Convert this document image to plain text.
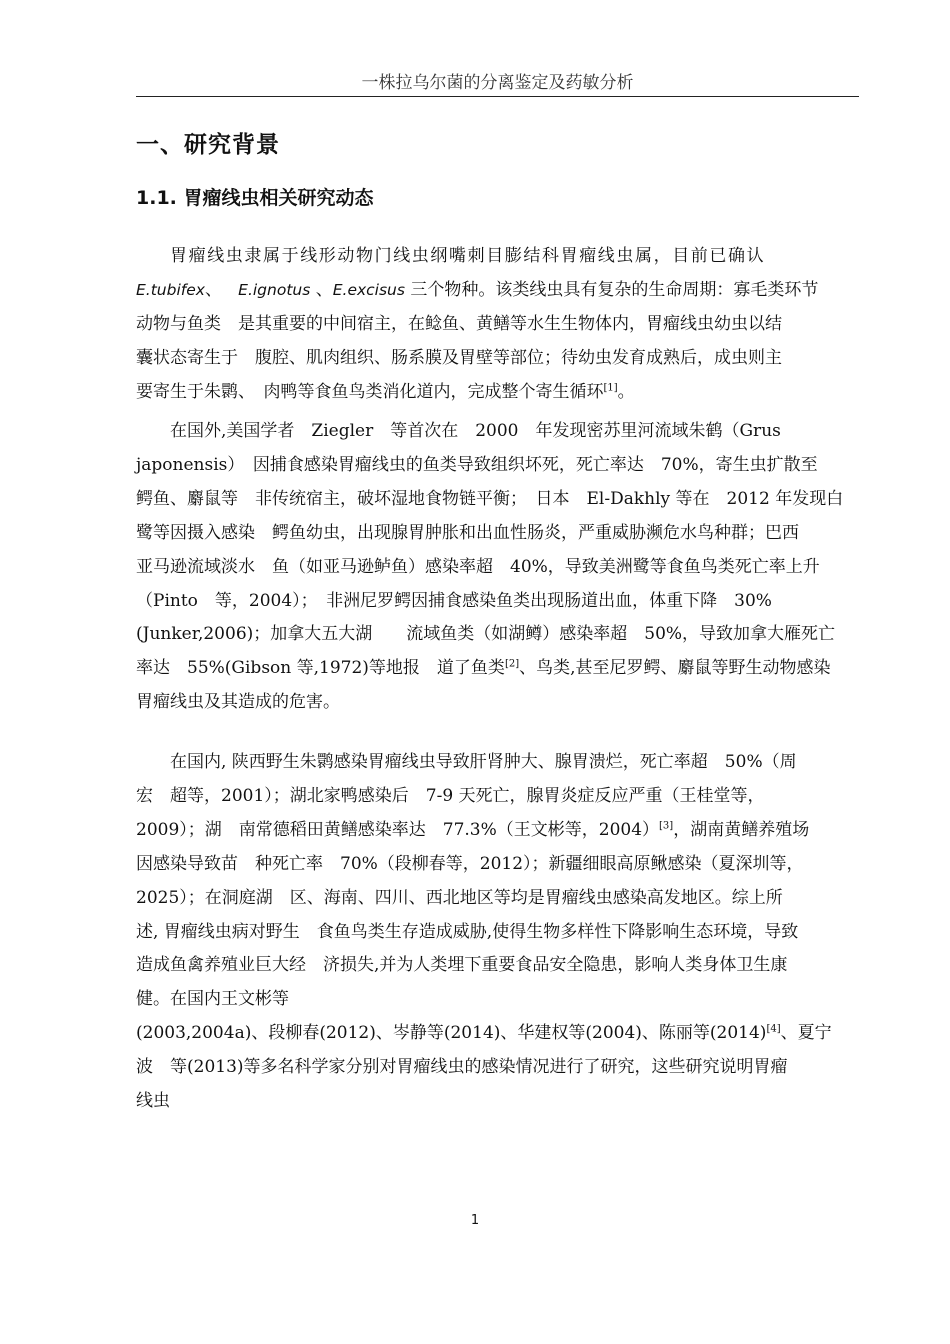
一株拉乌尔菌的分离鉴定及药敏分析
一、研究背景
1.1. 胃瘤线虫相关研究动态
胃瘤线虫隶属于线形动物门线虫纲嘴刺目膨结科胃瘤线虫属，目前已确认
E.tubifex、   E.ignotus 、E.excisus 三个物种。该类线虫具有复杂的生命周期：寡毛类环节
动物与鱼类　是其重要的中间宿主，在鲶鱼、黄鳝等水生生物体内，胃瘤线虫幼虫以结
囊状态寄生于　腹腔、肌肉组织、肠系膜及胃壁等部位；待幼虫发育成熟后，成虫则主
要寄生于朱鹮、　肉鸭等食鱼鸟类消化道内，完成整个寄生循环[1]。
在国外,美国学者　Ziegler　等首次在　2000　年发现密苏里河流域朱鹤（Grus
japonensis）　因捕食感染胃瘤线虫的鱼类导致组织坏死，死亡率达　70%，寄生虫扩散至
鳄鱼、麝鼠等　非传统宿主，破坏湿地食物链平衡；　日本　El-Dakhly 等在　2012 年发现白
鹭等因摄入感染　鳄鱼幼虫，出现腺胃肿胀和出血性肠炎，严重威胁濒危水鸟种群；巴西
亚马逊流域淡水　鱼（如亚马逊鲈鱼）感染率超　40%，导致美洲鹭等食鱼鸟类死亡率上升
（Pinto　等，2004）；　非洲尼罗鳄因捕食感染鱼类出现肠道出血，体重下降　30%
(Junker,2006)；加拿大五大湖　　流域鱼类（如湖鳟）感染率超　50%，导致加拿大雁死亡
率达　55%(Gibson 等,1972)等地报　道了鱼类[2]、鸟类,甚至尼罗鳄、麝鼠等野生动物感染
胃瘤线虫及其造成的危害。
在国内, 陕西野生朱鹮感染胃瘤线虫导致肝肾肿大、腺胃溃烂，死亡率超　50%（周
宏　超等，2001）；湖北家鸭感染后　7-9 天死亡，腺胃炎症反应严重（王桂堂等，
2009）；湖　南常德稻田黄鳝感染率达　77.3%（王文彬等，2004）[3]，湖南黄鳝养殖场
因感染导致苗　种死亡率　70%（段柳春等，2012）；新疆细眼高原鳅感染（夏深圳等，
2025）；在洞庭湖　区、海南、四川、西北地区等均是胃瘤线虫感染高发地区。综上所
述, 胃瘤线虫病对野生　食鱼鸟类生存造成威胁,使得生物多样性下降影响生态环境，导致
造成鱼禽养殖业巨大经　济损失,并为人类埋下重要食品安全隐患，影响人类身体卫生康
健。在国内王文彬等
(2003,2004a)、段柳春(2012)、岑静等(2014)、华建权等(2004)、陈丽等(2014)[4]、夏宁
波　等(2013)等多名科学家分别对胃瘤线虫的感染情况进行了研究，这些研究说明胃瘤
线虫
1
